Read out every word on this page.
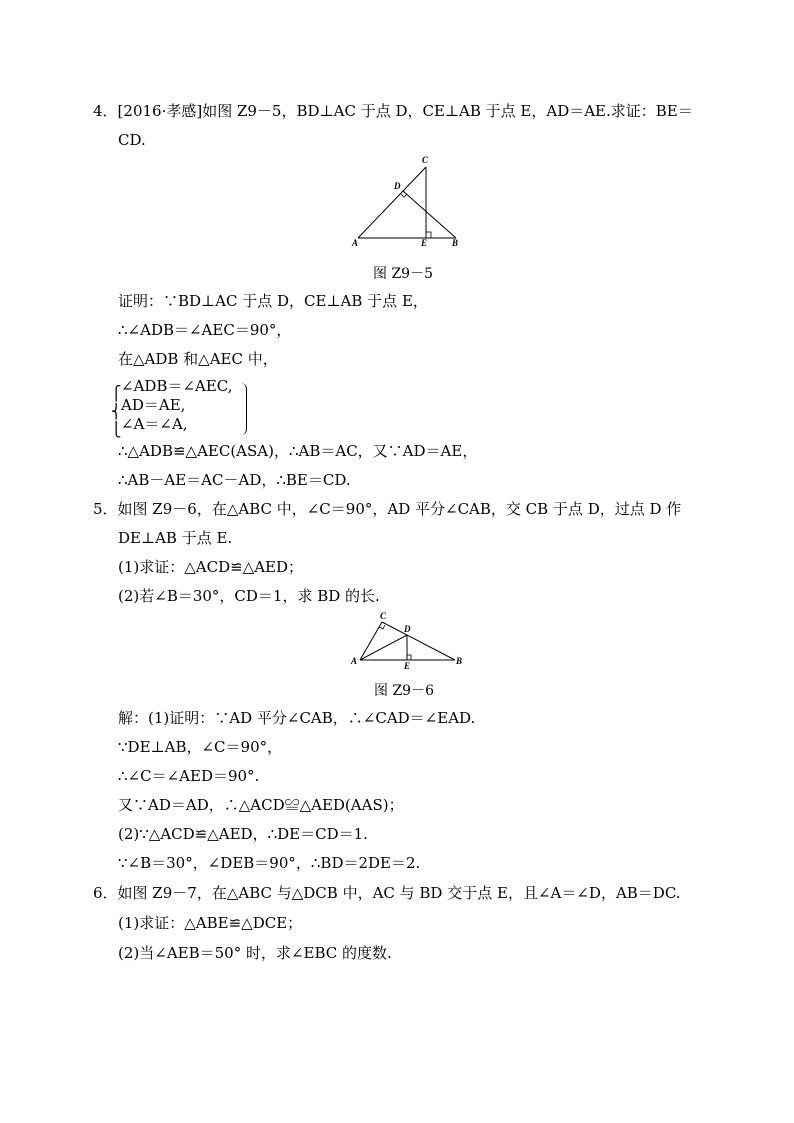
4．[2016·孝感]如图 Z9－5，BD⊥AC 于点 D，CE⊥AB 于点 E，AD＝AE.求证：BE＝
CD.
A	B
C
D
E
图 Z9－5
证明：∵BD⊥AC 于点 D，CE⊥AB 于点 E，
∴∠ADB＝∠AEC＝90°，
在△ADB 和△AEC 中，
⎧
⎨
⎩
∠ADB＝∠AEC,
AD＝AE,
∠A＝∠A,
∴△ADB≌△AEC(ASA)，∴AB＝AC，又∵AD＝AE，
∴AB－AE＝AC－AD，∴BE＝CD.
5．如图 Z9－6，在△ABC 中，∠C＝90°，AD 平分∠CAB，交 CB 于点 D，过点 D 作
DE⊥AB 于点 E.
(1)求证：△ACD≌△AED；
(2)若∠B＝30°，CD＝1，求 BD 的长.
A	B
C
D
E
图 Z9－6
解：(1)证明：∵AD 平分∠CAB，∴∠CAD＝∠EAD.
∵DE⊥AB，∠C＝90°，
∴∠C＝∠AED＝90°.
又∵AD＝AD，∴△ACD≌△AED(AAS)；
(2)∵△ACD≌△AED，∴DE＝CD＝1.
∵∠B＝30°，∠DEB＝90°，∴BD＝2DE＝2.
6．如图 Z9－7，在△ABC 与△DCB 中，AC 与 BD 交于点 E，且∠A＝∠D，AB＝DC.
(1)求证：△ABE≌△DCE；
(2)当∠AEB＝50° 时，求∠EBC 的度数.
